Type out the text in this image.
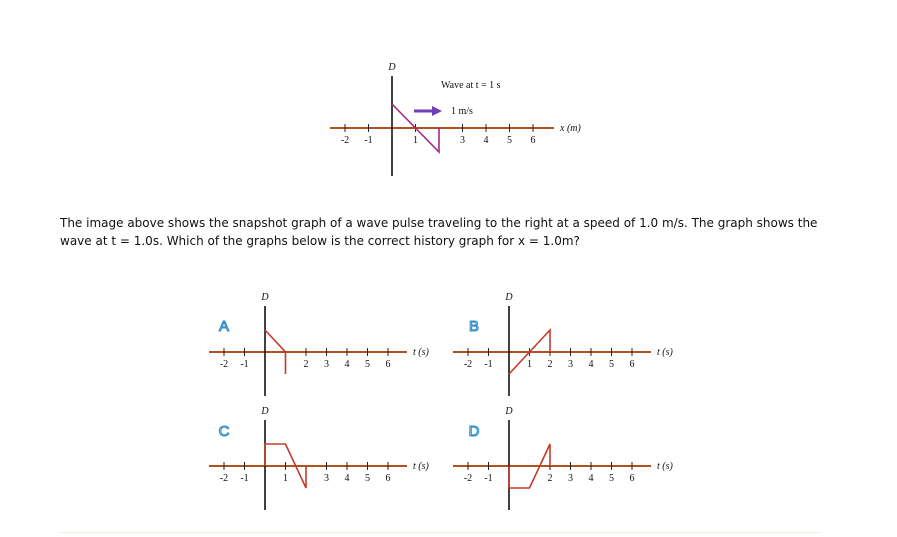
-2 -1	1	3 4 5 6
D
x (m)
Wave at t = 1 s
1 m/s
-2 -1	2 3 4 5 6
D
t (s)
A
-2 -1	1 2 3 4 5 6
D
t (s)
B
-2 -1	1	3 4 5 6
D
t (s)
C
-2 -1	2 3 4 5 6
D
t (s)
D
The image above shows the snapshot graph of a wave pulse traveling to the right at a speed of 1.0 m/s. The graph shows the wave at t = 1.0s. Which of the graphs below is the correct history graph for x = 1.0m?
